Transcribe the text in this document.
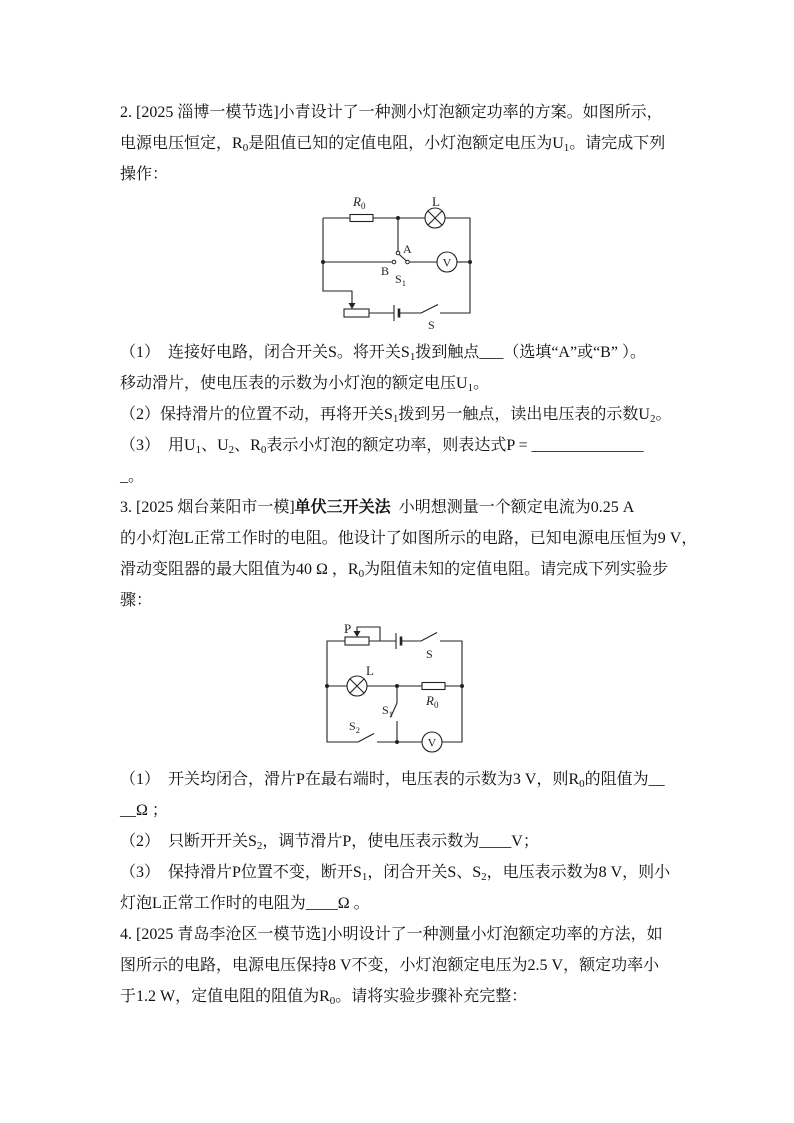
2. [2025 淄博一模节选]小青设计了一种测小灯泡额定功率的方案。如图所示，
电源电压恒定，$R_0$是阻值已知的定值电阻，小灯泡额定电压为$U_1$。请完成下列
操作：
V
$R_0$	L
A
B
$S_1$
S
（1）  连接好电路，闭合开关S。将开关$S_1$拨到触点___（选填“A”或“B” ）。
移动滑片，使电压表的示数为小灯泡的额定电压$U_1$。
（2）保持滑片的位置不动，再将开关$S_1$拨到另一触点，读出电压表的示数$U_2$。
（3）  用$U_1$、$U_2$、$R_0$表示小灯泡的额定功率，则表达式P = ______________
_。
3. [2025 烟台莱阳市一模]单伏三开关法  小明想测量一个额定电流为0.25 A
的小灯泡L正常工作时的电阻。他设计了如图所示的电路，已知电源电压恒为9 V，
滑动变阻器的最大阻值为40 Ω ，$R_0$为阻值未知的定值电阻。请完成下列实验步
骤：
V
P
S
L
$R_0$
$S_1$
$S_2$
（1）  开关均闭合，滑片P在最右端时，电压表的示数为3 V，则$R_0$的阻值为__
__Ω ；
（2）  只断开开关$S_2$，调节滑片P，使电压表示数为____V；
（3）  保持滑片P位置不变，断开$S_1$，闭合开关S、$S_2$，电压表示数为8 V，则小
灯泡L正常工作时的电阻为____Ω 。
4. [2025 青岛李沧区一模节选]小明设计了一种测量小灯泡额定功率的方法，如
图所示的电路，电源电压保持8 V不变，小灯泡额定电压为2.5 V，额定功率小
于1.2 W，定值电阻的阻值为$R_0$。请将实验步骤补充完整：
